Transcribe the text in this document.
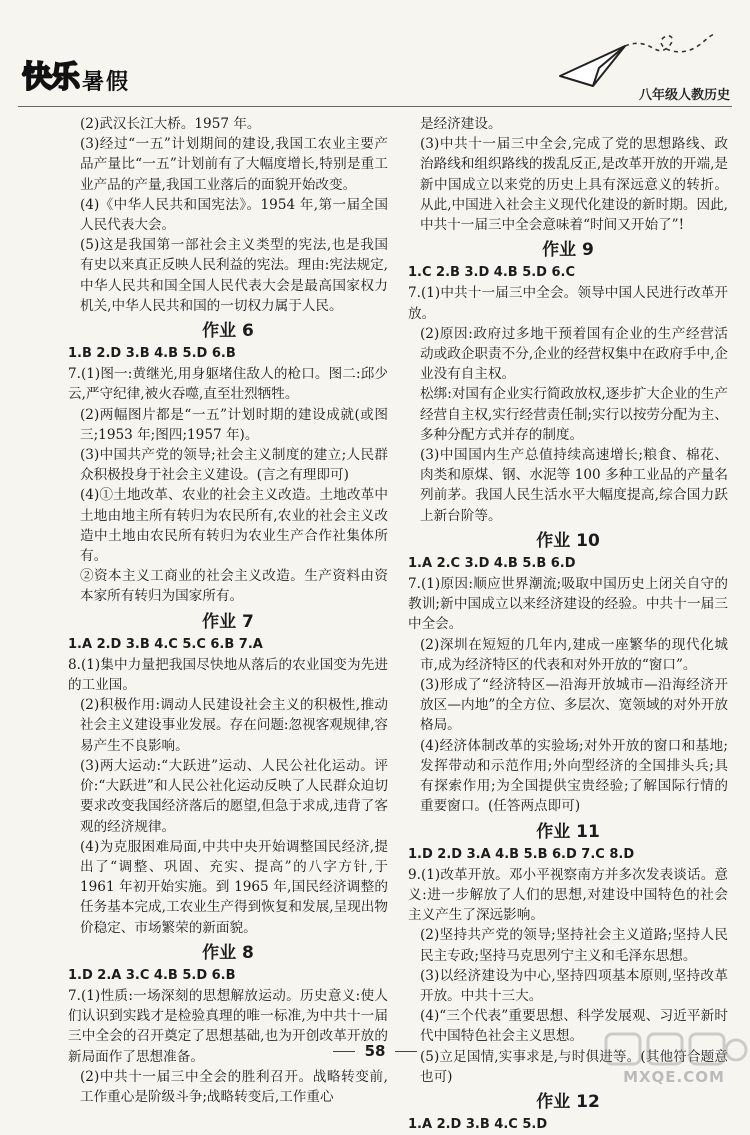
快乐 暑假
八年级人教历史

(2)武汉长江大桥。1957 年。

(3)经过“一五”计划期间的建设,我国工农业主要产品产量比“一五”计划前有了大幅度增长,特别是重工业产品的产量,我国工业落后的面貌开始改变。

(4)《中华人民共和国宪法》。1954 年,第一届全国人民代表大会。

(5)这是我国第一部社会主义类型的宪法,也是我国有史以来真正反映人民利益的宪法。理由:宪法规定,中华人民共和国全国人民代表大会是最高国家权力机关,中华人民共和国的一切权力属于人民。

作业 6

1.B 2.D 3.B 4.B 5.D 6.B

7.(1)图一:黄继光,用身躯堵住敌人的枪口。图二:邱少云,严守纪律,被火吞噬,直至壮烈牺牲。

(2)两幅图片都是“一五”计划时期的建设成就(或图三;1953 年;图四;1957 年)。

(3)中国共产党的领导;社会主义制度的建立;人民群众积极投身于社会主义建设。(言之有理即可)

(4)①土地改革、农业的社会主义改造。土地改革中土地由地主所有转归为农民所有,农业的社会主义改造中土地由农民所有转归为农业生产合作社集体所有。

②资本主义工商业的社会主义改造。生产资料由资本家所有转归为国家所有。

作业 7

1.A 2.D 3.B 4.C 5.C 6.B 7.A

8.(1)集中力量把我国尽快地从落后的农业国变为先进的工业国。

(2)积极作用:调动人民建设社会主义的积极性,推动社会主义建设事业发展。存在问题:忽视客观规律,容易产生不良影响。

(3)两大运动:“大跃进”运动、人民公社化运动。评价:“大跃进”和人民公社化运动反映了人民群众迫切要求改变我国经济落后的愿望,但急于求成,违背了客观的经济规律。

(4)为克服困难局面,中共中央开始调整国民经济,提出了“调整、巩固、充实、提高”的八字方针,于 1961 年初开始实施。到 1965 年,国民经济调整的任务基本完成,工农业生产得到恢复和发展,呈现出物价稳定、市场繁荣的新面貌。

作业 8

1.D 2.A 3.C 4.B 5.D 6.B

7.(1)性质:一场深刻的思想解放运动。历史意义:使人们认识到实践才是检验真理的唯一标准,为中共十一届三中全会的召开奠定了思想基础,也为开创改革开放的新局面作了思想准备。

(2)中共十一届三中全会的胜利召开。战略转变前,工作重心是阶级斗争;战略转变后,工作重心

是经济建设。

(3)中共十一届三中全会,完成了党的思想路线、政治路线和组织路线的拨乱反正,是改革开放的开端,是新中国成立以来党的历史上具有深远意义的转折。从此,中国进入社会主义现代化建设的新时期。因此,中共十一届三中全会意味着“时间又开始了”!

作业 9

1.C 2.B 3.D 4.B 5.D 6.C

7.(1)中共十一届三中全会。领导中国人民进行改革开放。

(2)原因:政府过多地干预着国有企业的生产经营活动或政企职责不分,企业的经营权集中在政府手中,企业没有自主权。

松绑:对国有企业实行简政放权,逐步扩大企业的生产经营自主权,实行经营责任制;实行以按劳分配为主、多种分配方式并存的制度。

(3)中国国内生产总值持续高速增长;粮食、棉花、肉类和原煤、钢、水泥等 100 多种工业品的产量名列前茅。我国人民生活水平大幅度提高,综合国力跃上新台阶等。

作业 10

1.A 2.C 3.D 4.B 5.B 6.D

7.(1)原因:顺应世界潮流;吸取中国历史上闭关自守的教训;新中国成立以来经济建设的经验。中共十一届三中全会。

(2)深圳在短短的几年内,建成一座繁华的现代化城市,成为经济特区的代表和对外开放的“窗口”。

(3)形成了“经济特区—沿海开放城市—沿海经济开放区—内地”的全方位、多层次、宽领域的对外开放格局。

(4)经济体制改革的实验场;对外开放的窗口和基地;发挥带动和示范作用;外向型经济的全国排头兵;具有探索作用;为全国提供宝贵经验;了解国际行情的重要窗口。(任答两点即可)

作业 11

1.D 2.D 3.A 4.B 5.B 6.D 7.C 8.D

9.(1)改革开放。邓小平视察南方并多次发表谈话。意义:进一步解放了人们的思想,对建设中国特色的社会主义产生了深远影响。

(2)坚持共产党的领导;坚持社会主义道路;坚持人民民主专政;坚持马克思列宁主义和毛泽东思想。

(3)以经济建设为中心,坚持四项基本原则,坚持改革开放。中共十三大。

(4)“三个代表”重要思想、科学发展观、习近平新时代中国特色社会主义思想。

(5)立足国情,实事求是,与时俱进等。(其他符合题意也可)

作业 12

1.A 2.D 3.B 4.C 5.D

58
MXQE.COM
